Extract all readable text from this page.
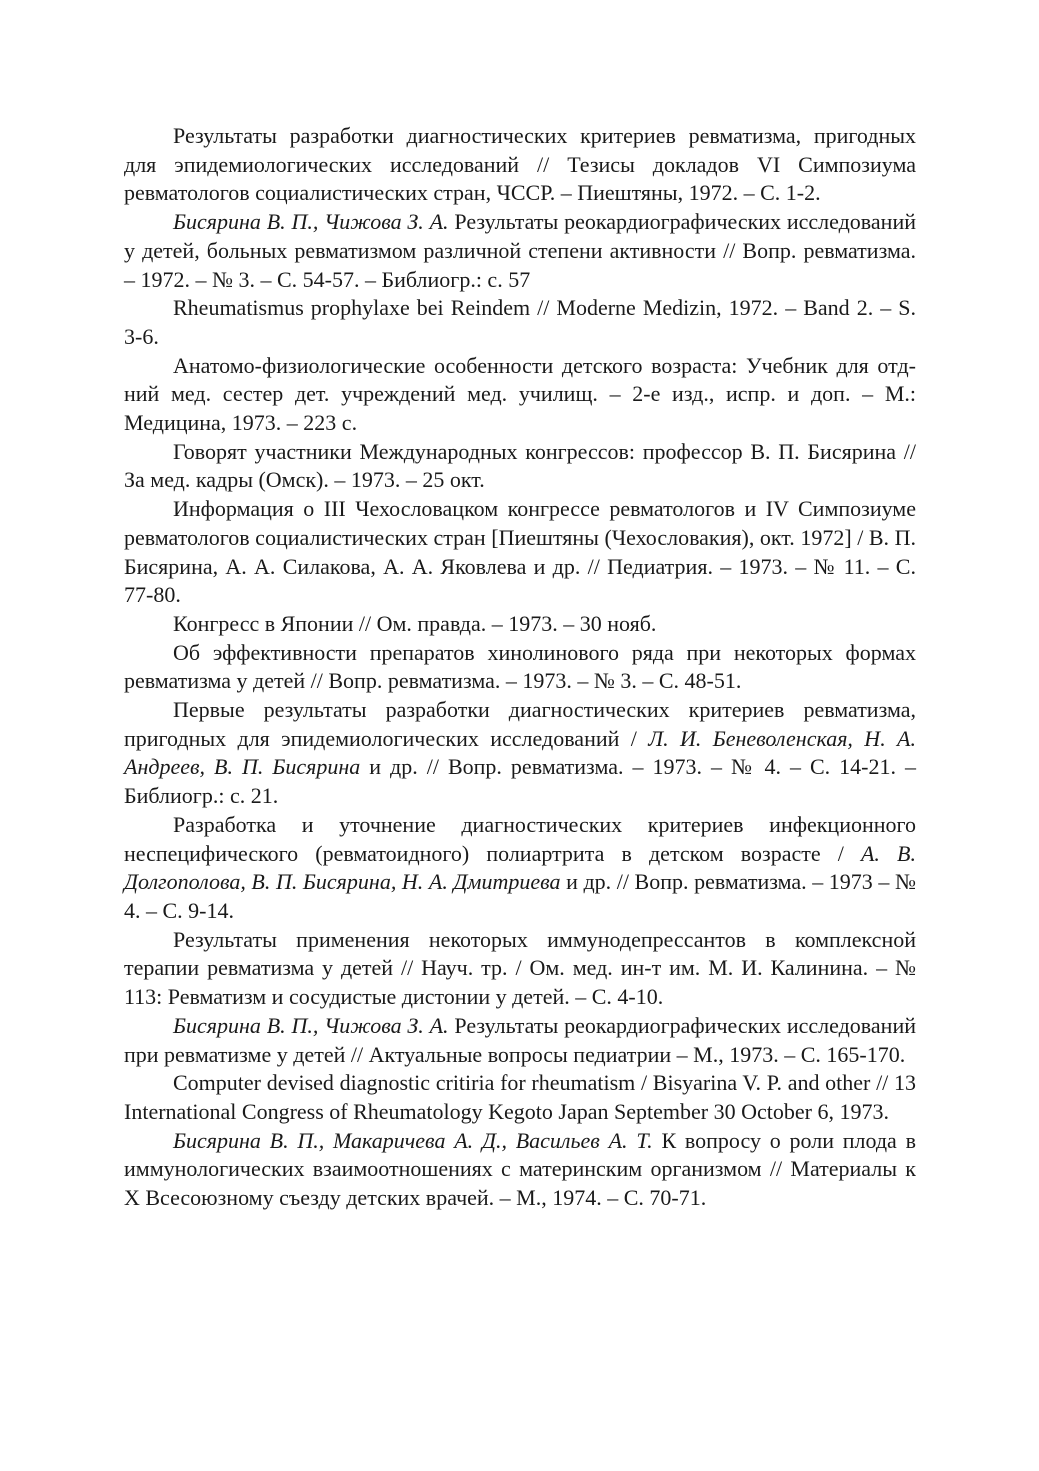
Результаты разработки диагностических критериев ревматизма, пригодных для эпидемиологических исследований // Тезисы докладов VI Симпозиума ревматологов социалистических стран, ЧССР. – Пиештяны, 1972. – С. 1-2.

Бисярина В. П., Чижова З. А. Результаты реокардиографических исследований у детей, больных ревматизмом различной степени активности // Вопр. ревматизма. – 1972. – № 3. – С. 54-57. – Библиогр.: с. 57

Rheumatismus prophylaxe bei Reindem // Moderne Medizin, 1972. – Band 2. – S. 3-6.

Анатомо-физиологические особенности детского возраста: Учебник для отд-ний мед. сестер дет. учреждений мед. училищ. – 2-е изд., испр. и доп. – М.: Медицина, 1973. – 223 с.

Говорят участники Международных конгрессов: профессор В. П. Бисярина // За мед. кадры (Омск). – 1973. – 25 окт.

Информация о III Чехословацком конгрессе ревматологов и IV Симпозиуме ревматологов социалистических стран [Пиештяны (Чехословакия), окт. 1972] / В. П. Бисярина, А. А. Силакова, А. А. Яковлева и др. // Педиатрия. – 1973. – № 11. – С. 77-80.

Конгресс в Японии // Ом. правда. – 1973. – 30 нояб.

Об эффективности препаратов хинолинового ряда при некоторых формах ревматизма у детей // Вопр. ревматизма. – 1973. – № 3. – С. 48-51.

Первые результаты разработки диагностических критериев ревматизма, пригодных для эпидемиологических исследований / Л. И. Беневоленская, Н. А. Андреев, В. П. Бисярина и др. // Вопр. ревматизма. – 1973. – № 4. – С. 14-21. – Библиогр.: с. 21.

Разработка и уточнение диагностических критериев инфекционного неспецифического (ревматоидного) полиартрита в детском возрасте / А. В. Долгополова, В. П. Бисярина, Н. А. Дмитриева и др. // Вопр. ревматизма. – 1973 – № 4. – С. 9-14.

Результаты применения некоторых иммунодепрессантов в комплексной терапии ревматизма у детей // Науч. тр. / Ом. мед. ин-т им. М. И. Калинина. – № 113: Ревматизм и сосудистые дистонии у детей. – С. 4-10.

Бисярина В. П., Чижова З. А. Результаты реокардиографических исследований при ревматизме у детей // Актуальные вопросы педиатрии – М., 1973. – С. 165-170.

Computer devised diagnostic critiria for rheumatism / Bisyarina V. P. and other // 13 International Congress of Rheumatology Kegoto Japan September 30 October 6, 1973.

Бисярина В. П., Макаричева А. Д., Васильев А. Т. К вопросу о роли плода в иммунологических взаимоотношениях с материнским организмом // Материалы к Х Всесоюзному съезду детских врачей. – М., 1974. – С. 70-71.
